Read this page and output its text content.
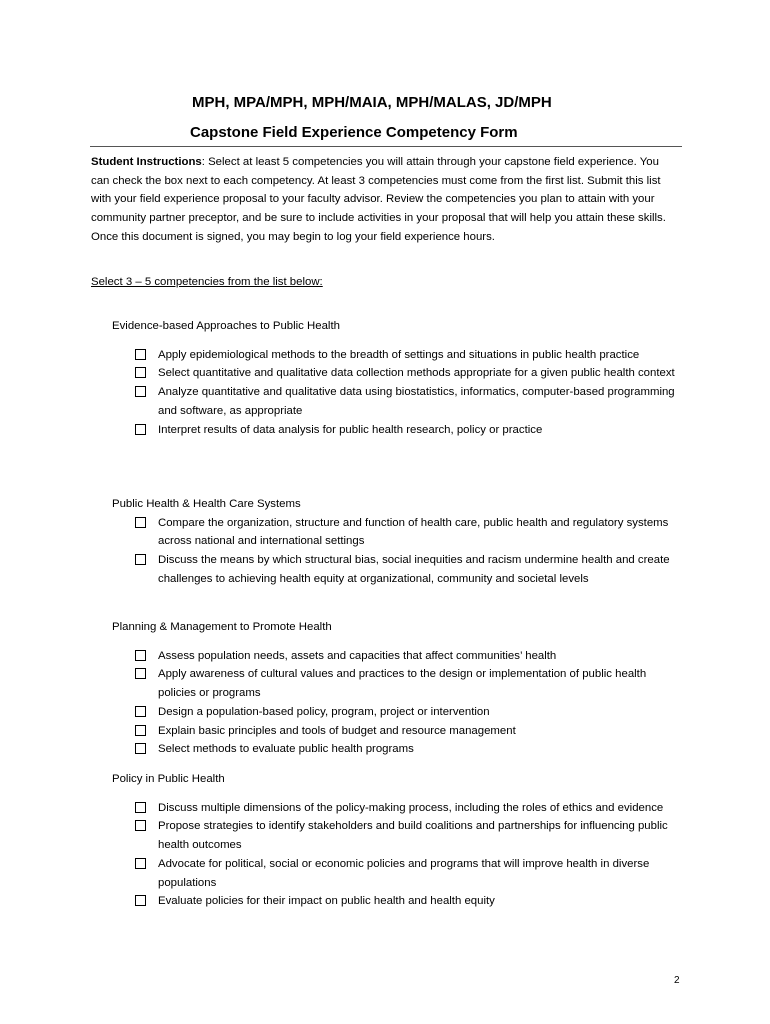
MPH, MPA/MPH, MPH/MAIA, MPH/MALAS, JD/MPH
Capstone Field Experience Competency Form

Student Instructions: Select at least 5 competencies you will attain through your capstone field experience. You can check the box next to each competency. At least 3 competencies must come from the first list. Submit this list with your field experience proposal to your faculty advisor. Review the competencies you plan to attain with your community partner preceptor, and be sure to include activities in your proposal that will help you attain these skills. Once this document is signed, you may begin to log your field experience hours.

Select 3 – 5 competencies from the list below:

Evidence-based Approaches to Public Health

Apply epidemiological methods to the breadth of settings and situations in public health practice
Select quantitative and qualitative data collection methods appropriate for a given public health context
Analyze quantitative and qualitative data using biostatistics, informatics, computer-based programming and software, as appropriate
Interpret results of data analysis for public health research, policy or practice

Public Health & Health Care Systems

Compare the organization, structure and function of health care, public health and regulatory systems across national and international settings
Discuss the means by which structural bias, social inequities and racism undermine health and create challenges to achieving health equity at organizational, community and societal levels

Planning & Management to Promote Health

Assess population needs, assets and capacities that affect communities’ health
Apply awareness of cultural values and practices to the design or implementation of public health policies or programs
Design a population-based policy, program, project or intervention
Explain basic principles and tools of budget and resource management
Select methods to evaluate public health programs

Policy in Public Health

Discuss multiple dimensions of the policy-making process, including the roles of ethics and evidence
Propose strategies to identify stakeholders and build coalitions and partnerships for influencing public health outcomes
Advocate for political, social or economic policies and programs that will improve health in diverse populations
Evaluate policies for their impact on public health and health equity

2
